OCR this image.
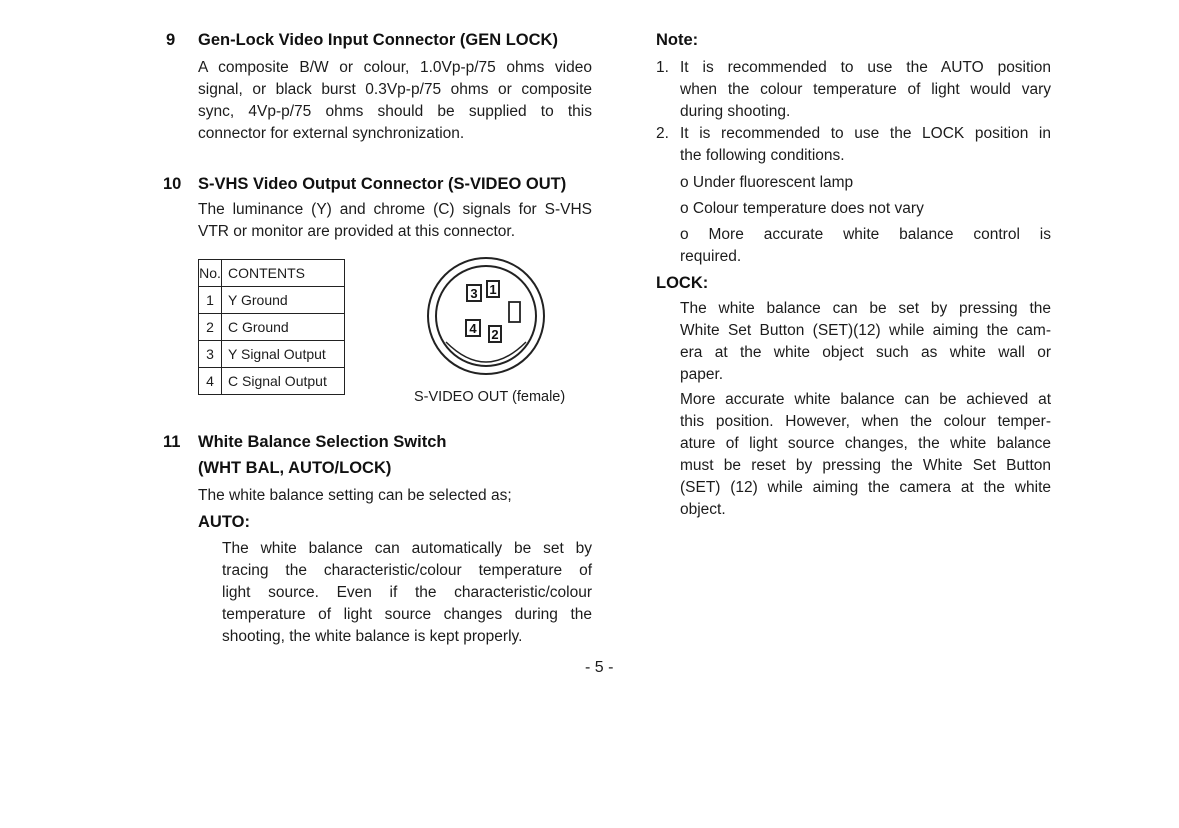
9 Gen-Lock Video Input Connector (GEN LOCK)
A composite B/W or colour, 1.0Vp-p/75 ohms video
signal, or black burst 0.3Vp-p/75 ohms or composite
sync, 4Vp-p/75 ohms should be supplied to this
connector for external synchronization.
10 S-VHS Video Output Connector (S-VIDEO OUT)
The luminance (Y) and chrome (C) signals for S-VHS
VTR or monitor are provided at this connector.
No.	CONTENTS
1	Y Ground
2	C Ground
3	Y Signal Output
4	C Signal Output
3 1
4 2
S-VIDEO OUT (female)
11 White Balance Selection Switch
(WHT BAL, AUTO/LOCK)
The white balance setting can be selected as;
AUTO:
The white balance can automatically be set by
tracing the characteristic/colour temperature of
light source. Even if the characteristic/colour
temperature of light source changes during the
shooting, the white balance is kept properly.
Note:
1. It is recommended to use the AUTO position
when the colour temperature of light would vary
during shooting.
2. It is recommended to use the LOCK position in
the following conditions.
o Under fluorescent lamp
o Colour temperature does not vary
o More accurate white balance control is
required.
LOCK:
The white balance can be set by pressing the
White Set Button (SET)(12) while aiming the cam-
era at the white object such as white wall or
paper.
More accurate white balance can be achieved at
this position. However, when the colour temper-
ature of light source changes, the white balance
must be reset by pressing the White Set Button
(SET) (12) while aiming the camera at the white
object.
- 5 -
